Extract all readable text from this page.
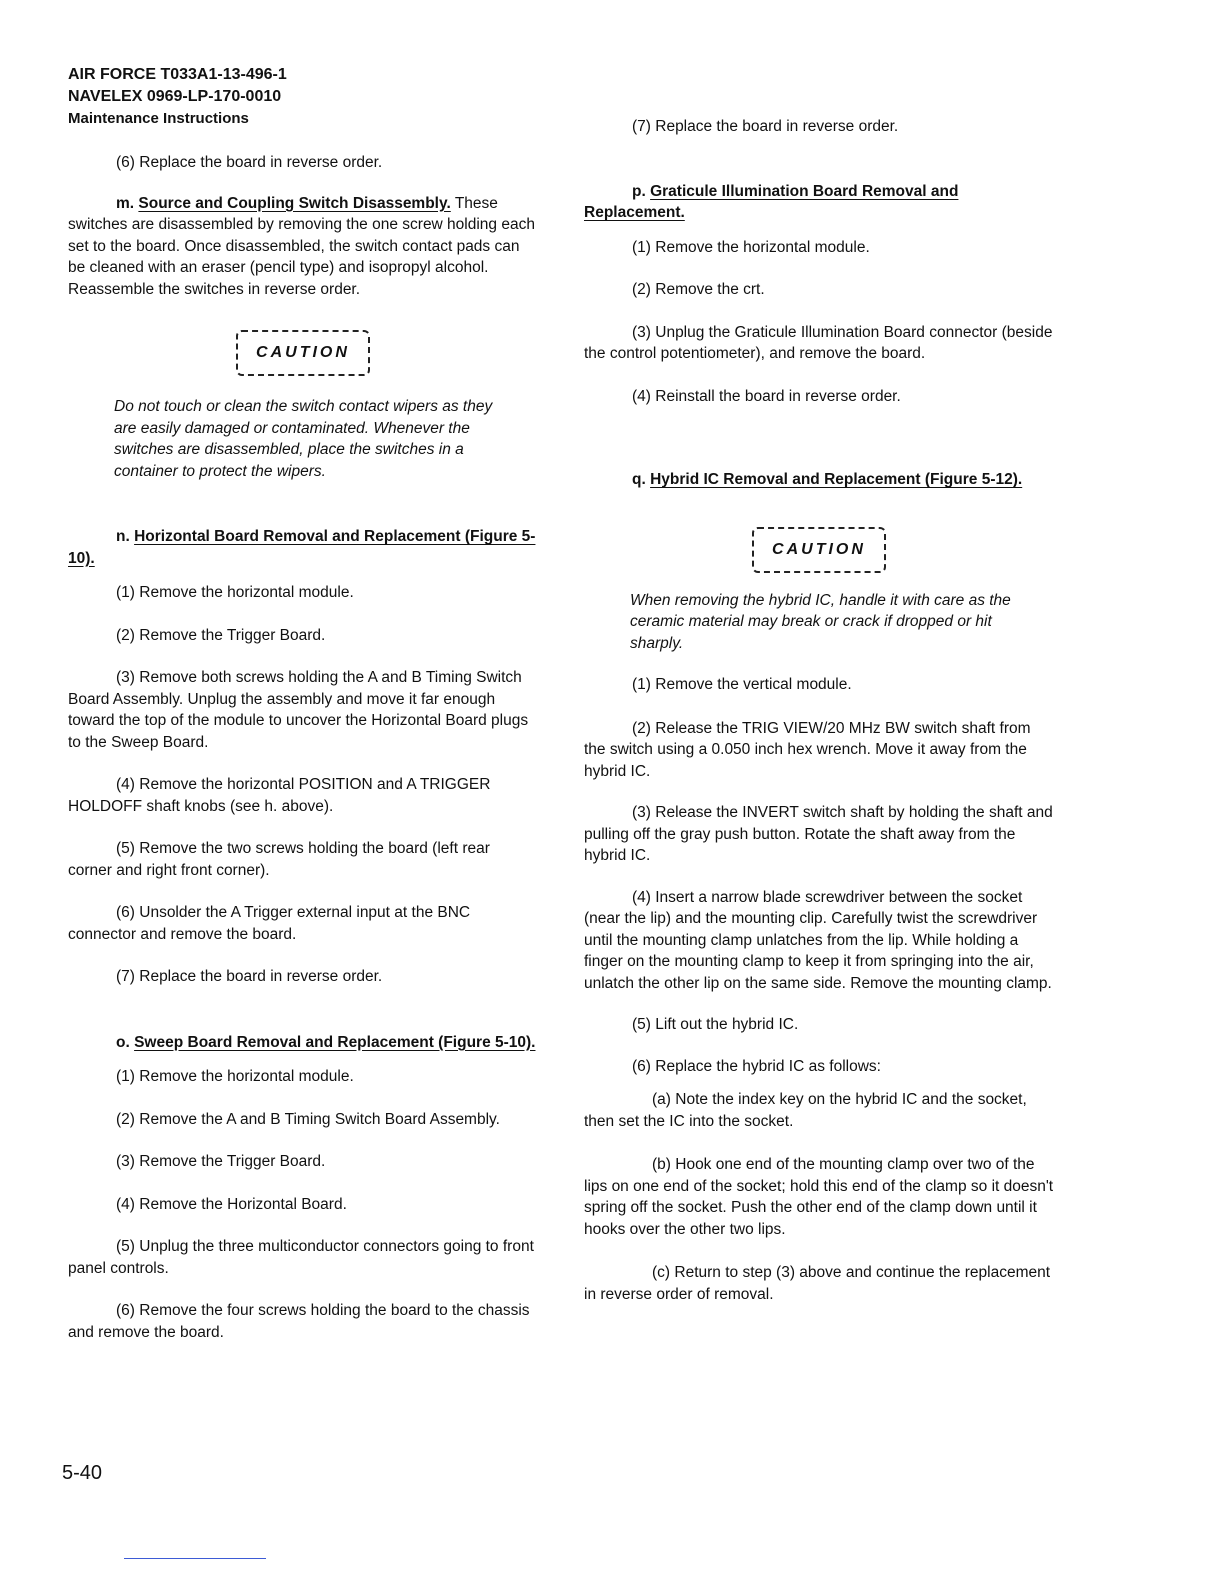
AIR FORCE T033A1-13-496-1
NAVELEX 0969-LP-170-0010
Maintenance Instructions

(6) Replace the board in reverse order.

m. Source and Coupling Switch Disassembly. These switches are disassembled by removing the one screw holding each set to the board. Once disassembled, the switch contact pads can be cleaned with an eraser (pencil type) and isopropyl alcohol. Reassemble the switches in reverse order.

CAUTION

Do not touch or clean the switch contact wipers as they are easily damaged or contaminated. Whenever the switches are disassembled, place the switches in a container to protect the wipers.

n. Horizontal Board Removal and Replacement (Figure 5-10).

(1) Remove the horizontal module.

(2) Remove the Trigger Board.

(3) Remove both screws holding the A and B Timing Switch Board Assembly. Unplug the assembly and move it far enough toward the top of the module to uncover the Horizontal Board plugs to the Sweep Board.

(4) Remove the horizontal POSITION and A TRIGGER HOLDOFF shaft knobs (see h. above).

(5) Remove the two screws holding the board (left rear corner and right front corner).

(6) Unsolder the A Trigger external input at the BNC connector and remove the board.

(7) Replace the board in reverse order.

o. Sweep Board Removal and Replacement (Figure 5-10).

(1) Remove the horizontal module.

(2) Remove the A and B Timing Switch Board Assembly.

(3) Remove the Trigger Board.

(4) Remove the Horizontal Board.

(5) Unplug the three multiconductor connectors going to front panel controls.

(6) Remove the four screws holding the board to the chassis and remove the board.

(7) Replace the board in reverse order.

p. Graticule Illumination Board Removal and Replacement.

(1) Remove the horizontal module.

(2) Remove the crt.

(3) Unplug the Graticule Illumination Board connector (beside the control potentiometer), and remove the board.

(4) Reinstall the board in reverse order.

q. Hybrid IC Removal and Replacement (Figure 5-12).

CAUTION

When removing the hybrid IC, handle it with care as the ceramic material may break or crack if dropped or hit sharply.

(1) Remove the vertical module.

(2) Release the TRIG VIEW/20 MHz BW switch shaft from the switch using a 0.050 inch hex wrench. Move it away from the hybrid IC.

(3) Release the INVERT switch shaft by holding the shaft and pulling off the gray push button. Rotate the shaft away from the hybrid IC.

(4) Insert a narrow blade screwdriver between the socket (near the lip) and the mounting clip. Carefully twist the screwdriver until the mounting clamp unlatches from the lip. While holding a finger on the mounting clamp to keep it from springing into the air, unlatch the other lip on the same side. Remove the mounting clamp.

(5) Lift out the hybrid IC.

(6) Replace the hybrid IC as follows:

(a) Note the index key on the hybrid IC and the socket, then set the IC into the socket.

(b) Hook one end of the mounting clamp over two of the lips on one end of the socket; hold this end of the clamp so it doesn't spring off the socket. Push the other end of the clamp down until it hooks over the other two lips.

(c) Return to step (3) above and continue the replacement in reverse order of removal.

5-40
